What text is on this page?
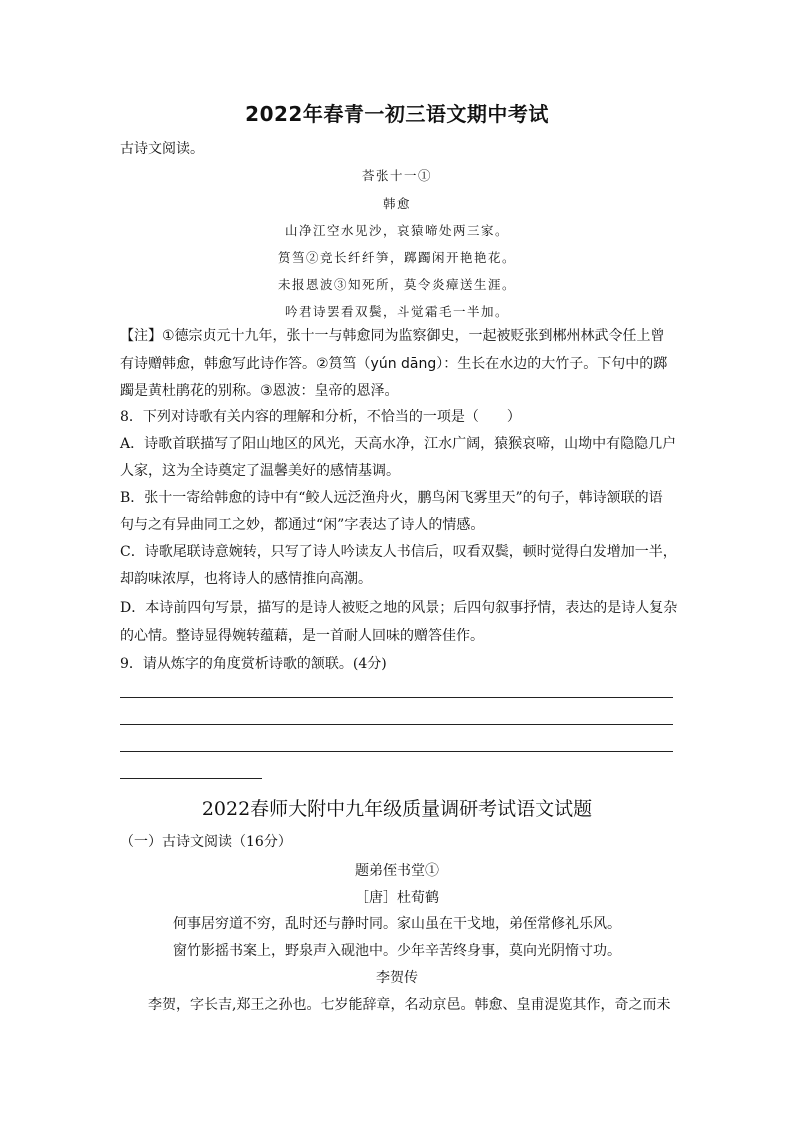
2022年春青一初三语文期中考试
古诗文阅读。
荅张十一①
韩愈
山净江空水见沙，哀猿啼处两三家。
筼筜②竞长纤纤笋，踯躅闲开艳艳花。
未报恩波③知死所，莫令炎瘴送生涯。
吟君诗罢看双鬓，斗觉霜毛一半加。
【注】①德宗贞元十九年，张十一与韩愈同为监察御史，一起被贬张到郴州林武令任上曾
有诗赠韩愈，韩愈写此诗作答。②筼筜（yún dāng）：生长在水边的大竹子。下句中的踯
躅是黄杜鹃花的别称。③恩波：皇帝的恩泽。
8．下列对诗歌有关内容的理解和分析，不恰当的一项是（　　）
A．诗歌首联描写了阳山地区的风光，天高水净，江水广阔，猿猴哀啼，山坳中有隐隐几户
人家，这为全诗奠定了温馨美好的感情基调。
B．张十一寄给韩愈的诗中有“鲛人远泛渔舟火，鹏鸟闲飞雾里天”的句子，韩诗颔联的语
句与之有异曲同工之妙，都通过“闲”字表达了诗人的情感。
C．诗歌尾联诗意婉转，只写了诗人吟读友人书信后，叹看双鬓，顿时觉得白发增加一半，
却韵味浓厚，也将诗人的感情推向高潮。
D．本诗前四句写景，描写的是诗人被贬之地的风景；后四句叙事抒情，表达的是诗人复杂
的心情。整诗显得婉转蕴藉，是一首耐人回味的赠答佳作。
9．请从炼字的角度赏析诗歌的颔联。(4分)
2022春师大附中九年级质量调研考试语文试题
（一）古诗文阅读（16分）
题弟侄书堂①
［唐］杜荀鹤
何事居穷道不穷，乱时还与静时同。家山虽在干戈地，弟侄常修礼乐风。
窗竹影摇书案上，野泉声入砚池中。少年辛苦终身事，莫向光阴惰寸功。
李贺传
李贺，字长吉,郑王之孙也。七岁能辞章，名动京邑。韩愈、皇甫湜览其作，奇之而未
